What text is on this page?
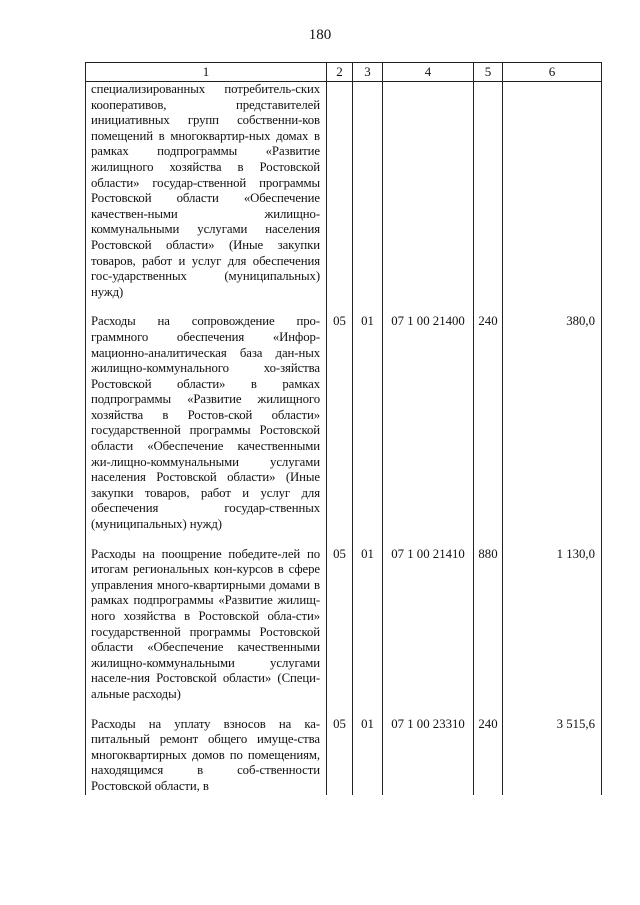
180
1	2	3	4	5	6
специализированных потребитель-ских кооперативов, представителей инициативных групп собственни-ков помещений в многоквартир-ных домах в рамках подпрограммы «Развитие жилищного хозяйства в Ростовской области» государ-ственной программы Ростовской области «Обеспечение качествен-ными жилищно-коммунальными услугами населения Ростовской области» (Иные закупки товаров, работ и услуг для обеспечения гос-ударственных (муниципальных) нужд)					

Расходы на сопровождение про-граммного обеспечения «Инфор-мационно-аналитическая база дан-ных жилищно-коммунального хо-зяйства Ростовской области» в рамках подпрограммы «Развитие жилищного хозяйства в Ростов-ской области» государственной программы Ростовской области «Обеспечение качественными жи-лищно-коммунальными услугами населения Ростовской области» (Иные закупки товаров, работ и услуг для обеспечения государ-ственных (муниципальных) нужд)	05	01	07 1 00 21400	240	380,0

Расходы на поощрение победите-лей по итогам региональных кон-курсов в сфере управления много-квартирными домами в рамках подпрограммы «Развитие жилищ-ного хозяйства в Ростовской обла-сти» государственной программы Ростовской области «Обеспечение качественными жилищно-коммунальными услугами населе-ния Ростовской области» (Специ-альные расходы)	05	01	07 1 00 21410	880	1 130,0

Расходы на уплату взносов на ка-питальный ремонт общего имуще-ства многоквартирных домов по помещениям, находящимся в соб-ственности Ростовской области, в	05	01	07 1 00 23310	240	3 515,6
